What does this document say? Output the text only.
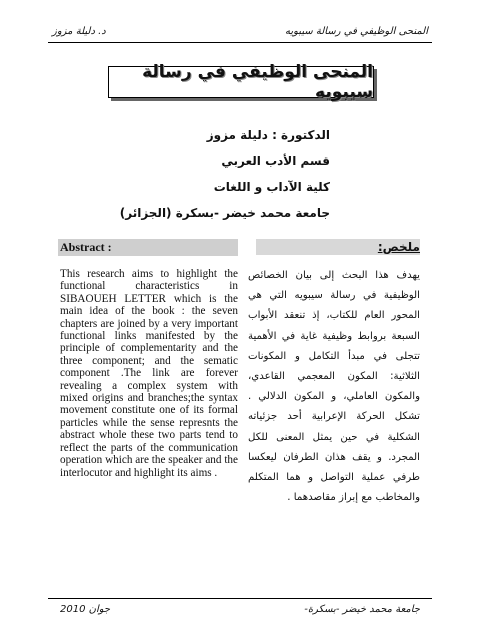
د. دليلة مزوز	المنحى الوظيفي في رسالة سيبويه
المنحى الوظيفي في رسالة سيبويه
الدكتورة : دليلة مزوز
قسم الأدب العربي
كلية الآداب و اللغات
جامعة محمد خيضر -بسكرة (الجزائر)
Abstract :
This research aims to highlight the functional characteristics in SIBAOUEH LETTER which is the main idea of the book : the seven chapters are joined by a very important functional links manifested by the principle of complementarity and the three component; and the sematic component .The link are forever revealing a complex system with mixed origins and branches;the syntax movement constitute one of its formal particles while the sense represnts the abstract whole these two parts tend to reflect the parts of the communication operation which are the speaker and the interlocutor and highlight its aims .
ملخص:
يهدف هذا البحث إلى بيان الخصائص الوظيفية في رسالة سيبويه التي هي المحور العام للكتاب، إذ تنعقد الأبواب السبعة بروابط وظيفية غاية في الأهمية تتجلى في مبدأ التكامل و المكونات الثلاثية: المكون المعجمي القاعدي، والمكون العاملي، و المكون الدلالي . تشكل الحركة الإعرابية أحد جزئياته الشكلية في حين يمثل المعنى للكل المجرد. و يقف هذان الطرفان ليعكسا طرفي عملية التواصل و هما المتكلم والمخاطب مع إبراز مقاصدهما .
جوان 2010	جامعة محمد خيضر -بسكرة-
